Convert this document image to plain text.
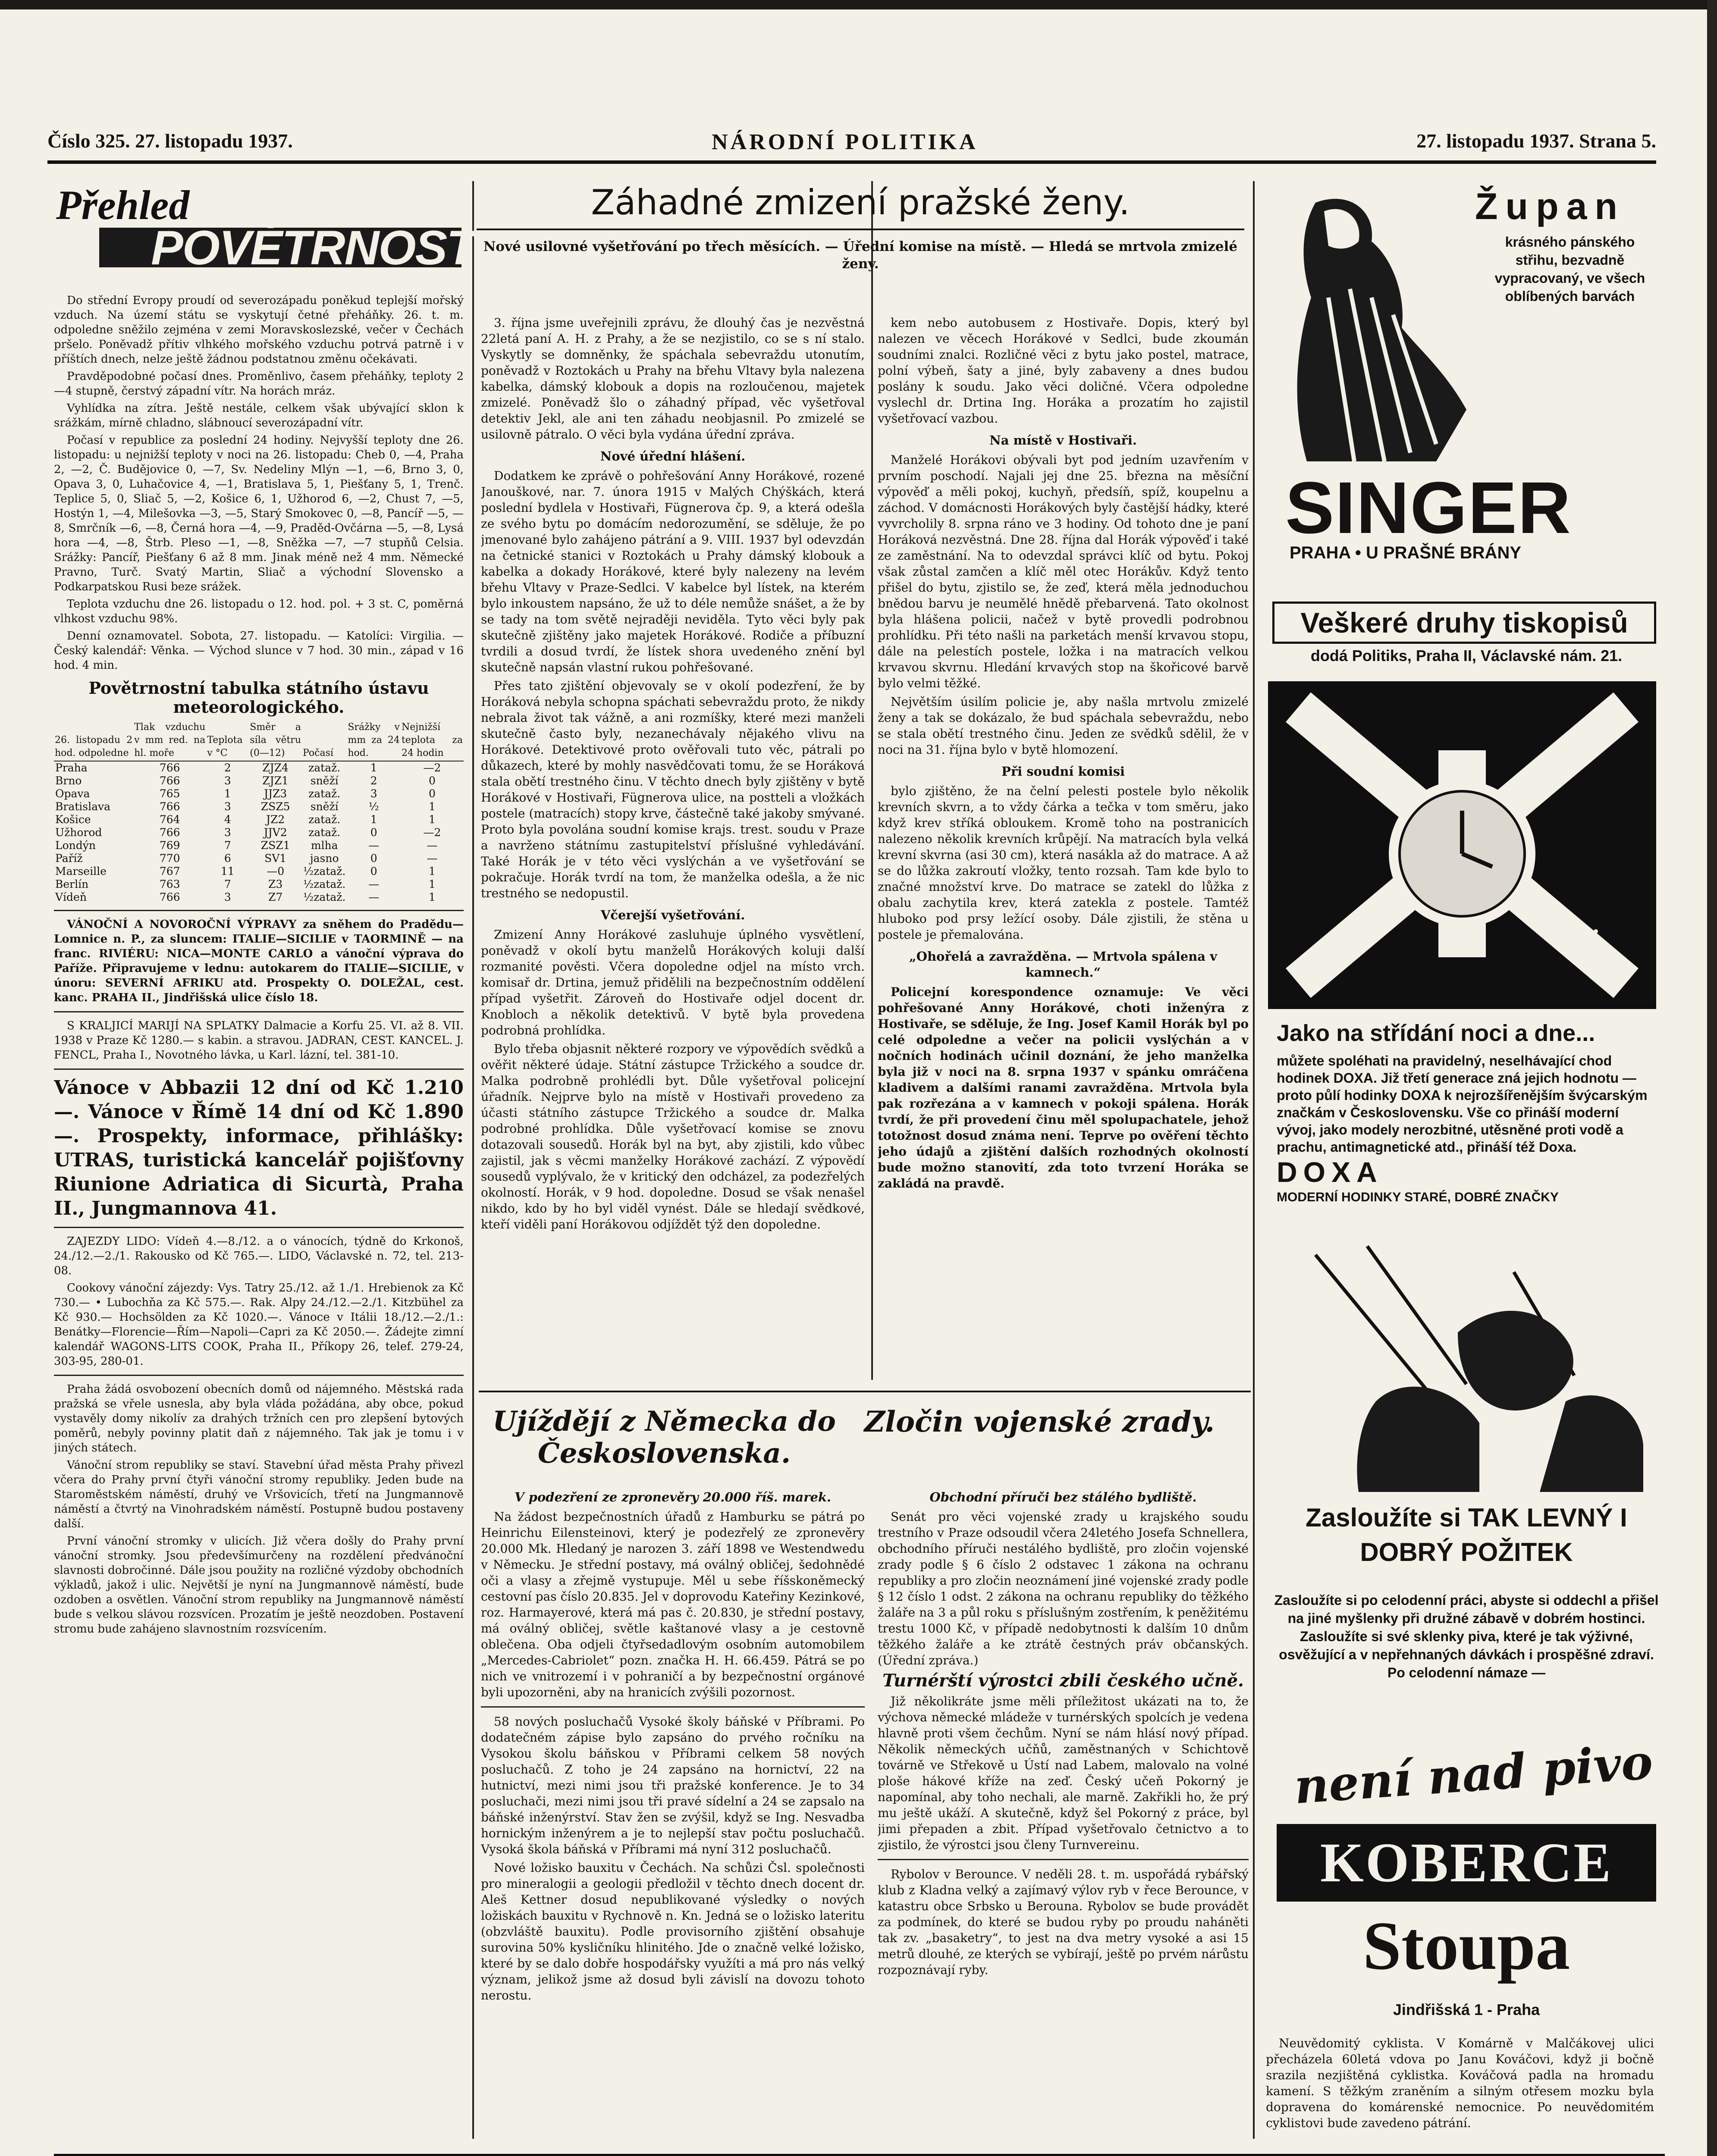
Číslo 325. 27. listopadu 1937.	NÁRODNÍ POLITIKA	27. listopadu 1937. Strana 5.
Přehled
POVĚTRNOSTI

Do střední Evropy proudí od severozápadu poněkud teplejší mořský vzduch. Na území státu se vyskytují četné přeháňky. 26. t. m. odpoledne sněžilo zejména v zemi Moravskoslezské, večer v Čechách pršelo. Poněvadž přítiv vlhkého mořského vzduchu potrvá patrně i v příštích dnech, nelze ještě žádnou podstatnou změnu očekávati.

Pravděpodobné počasí dnes. Proměnlivo, časem přeháňky, teploty 2—4 stupně, čerstvý západní vítr. Na horách mráz.

Vyhlídka na zítra. Ještě nestále, celkem však ubývající sklon k srážkám, mírně chladno, slábnoucí severozápadní vítr.

Počasí v republice za poslední 24 hodiny. Nejvyšší teploty dne 26. listopadu: u nejnižší teploty v noci na 26. listopadu: Cheb 0, —4, Praha 2, —2, Č. Budějovice 0, —7, Sv. Nedeliny Mlýn —1, —6, Brno 3, 0, Opava 3, 0, Luhačovice 4, —1, Bratislava 5, 1, Piešťany 5, 1, Trenč. Teplice 5, 0, Sliač 5, —2, Košice 6, 1, Užhorod 6, —2, Chust 7, —5, Hostýn 1, —4, Milešovka —3, —5, Starý Smokovec 0, —8, Pancíř —5, —8, Smrčník —6, —8, Černá hora —4, —9, Praděd-Ovčárna —5, —8, Lysá hora —4, —8, Štrb. Pleso —1, —8, Sněžka —7, —7 stupňů Celsia. Srážky: Pancíř, Piešťany 6 až 8 mm. Jinak méně než 4 mm. Německé Pravno, Turč. Svatý Martin, Sliač a východní Slovensko a Podkarpatskou Rusi beze srážek.

Teplota vzduchu dne 26. listopadu o 12. hod. pol. + 3 st. C, poměrná vlhkost vzduchu 98%.

Denní oznamovatel. Sobota, 27. listopadu. — Katolíci: Virgilia. — Český kalendář: Věnka. — Východ slunce v 7 hod. 30 min., západ v 16 hod. 4 min.

Povětrnostní tabulka státního ústavu meteorologického.

26. listopadu 2 hod. odpoledne	Tlak vzduchu v mm red. na hl. moře	Teplota v °C	Směr a síla větru (0—12)	Počasí	Srážky v mm za 24 hod.	Nejnižší teplota za 24 hodin
Praha	766	2	ZJZ4	zataž.	1	—2
Brno	766	3	ZJZ1	sněží	2	0
Opava	765	1	JJZ3	zataž.	3	0
Bratislava	766	3	ZSZ5	sněží	½	1
Košice	764	4	JZ2	zataž.	1	1
Užhorod	766	3	JJV2	zataž.	0	—2
Londýn	769	7	ZSZ1	mlha	—	—
Paříž	770	6	SV1	jasno	0	—
Marseille	767	11	—0	½zataž.	0	1
Berlín	763	7	Z3	½zataž.	—	1
Vídeň	766	3	Z7	½zataž.	—	1

VÁNOČNÍ A NOVOROČNÍ VÝPRAVY za sněhem do Pradědu—Lomnice n. P., za sluncem: ITALIE—SICILIE v TAORMINĚ — na franc. RIVIÉRU: NICA—MONTE CARLO a vánoční výprava do Paříže. Připravujeme v lednu: autokarem do ITALIE—SICILIE, v únoru: SEVERNÍ AFRIKU atd. Prospekty O. DOLEŽAL, cest. kanc. PRAHA II., Jindřišská ulice číslo 18.

S KRALJICÍ MARIJÍ NA SPLATKY Dalmacie a Korfu 25. VI. až 8. VII. 1938 v Praze Kč 1280.— s kabin. a stravou. JADRAN, CEST. KANCEL. J. FENCL, Praha I., Novotného lávka, u Karl. lázní, tel. 381-10.

Vánoce v Abbazii 12 dní od Kč 1.210—. Vánoce v Římě 14 dní od Kč 1.890—. Prospekty, informace, přihlášky: UTRAS, turistická kancelář pojišťovny Riunione Adriatica di Sicurtà, Praha II., Jungmannova 41.

ZAJEZDY LIDO: Vídeň 4.—8./12. a o vánocích, týdně do Krkonoš, 24./12.—2./1. Rakousko od Kč 765.—. LIDO, Václavské n. 72, tel. 213-08.

Cookovy vánoční zájezdy: Vys. Tatry 25./12. až 1./1. Hrebienok za Kč 730.— • Lubochňa za Kč 575.—. Rak. Alpy 24./12.—2./1. Kitzbühel za Kč 930.— Hochsölden za Kč 1020.—. Vánoce v Itálii 18./12.—2./1.: Benátky—Florencie—Řím—Napoli—Capri za Kč 2050.—. Žádejte zimní kalendář WAGONS-LITS COOK, Praha II., Příkopy 26, telef. 279-24, 303-95, 280-01.

Praha žádá osvobození obecních domů od nájemného. Městská rada pražská se vřele usnesla, aby byla vláda požádána, aby obce, pokud vystavěly domy nikolív za drahých tržních cen pro zlepšení bytových poměrů, nebyly povinny platit daň z nájemného. Tak jak je tomu i v jiných státech.

Vánoční strom republiky se staví. Stavební úřad města Prahy přivezl včera do Prahy první čtyři vánoční stromy republiky. Jeden bude na Staroměstském náměstí, druhý ve Vršovicích, třetí na Jungmannově náměstí a čtvrtý na Vinohradském náměstí. Postupně budou postaveny další.

První vánoční stromky v ulicích. Již včera došly do Prahy první vánoční stromky. Jsou předevšímurčeny na rozdělení předvánoční slavnosti dobročinné. Dále jsou použity na rozličné výzdoby obchodních výkladů, jakož i ulic. Největší je nyní na Jungmannově náměstí, bude ozdoben a osvětlen. Vánoční strom republiky na Jungmannově náměstí bude s velkou slávou rozsvícen. Prozatím je ještě neozdoben. Postavení stromu bude zahájeno slavnostním rozsvícením.

Záhadné zmizení pražské ženy.
Nové usilovné vyšetřování po třech měsících. — Úřední komise na místě. — Hledá se mrtvola zmizelé ženy.

3. října jsme uveřejnili zprávu, že dlouhý čas je nezvěstná 22letá paní A. H. z Prahy, a že se nezjistilo, co se s ní stalo. Vyskytly se domněnky, že spáchala sebevraždu utonutím, poněvadž v Roztokách u Prahy na břehu Vltavy byla nalezena kabelka, dámský klobouk a dopis na rozloučenou, majetek zmizelé. Poněvadž šlo o záhadný případ, věc vyšetřoval detektiv Jekl, ale ani ten záhadu neobjasnil. Po zmizelé se usilovně pátralo. O věci byla vydána úřední zpráva.

Nové úřední hlášení.

Dodatkem ke zprávě o pohřešování Anny Horákové, rozené Janouškové, nar. 7. února 1915 v Malých Chýškách, která poslední bydlela v Hostivaři, Fügnerova čp. 9, a která odešla ze svého bytu po domácím nedorozumění, se sděluje, že po jmenované bylo zahájeno pátrání a 9. VIII. 1937 byl odevzdán na četnické stanici v Roztokách u Prahy dámský klobouk a kabelka a dokady Horákové, které byly nalezeny na levém břehu Vltavy v Praze-Sedlci. V kabelce byl lístek, na kterém bylo inkoustem napsáno, že už to déle nemůže snášet, a že by se tady na tom světě nejraději neviděla. Tyto věci byly pak skutečně zjištěny jako majetek Horákové. Rodiče a příbuzní tvrdili a dosud tvrdí, že lístek shora uvedeného znění byl skutečně napsán vlastní rukou pohřešované.

Přes tato zjištění objevovaly se v okolí podezření, že by Horáková nebyla schopna spáchati sebevraždu proto, že nikdy nebrala život tak vážně, a ani rozmíšky, které mezi manželi skutečně často byly, nezanechávaly nějakého vlivu na Horákové. Detektivové proto ověřovali tuto věc, pátrali po důkazech, které by mohly nasvědčovati tomu, že se Horáková stala obětí trestného činu. V těchto dnech byly zjištěny v bytě Horákové v Hostivaři, Fügnerova ulice, na postteli a vložkách postele (matracích) stopy krve, částečně také jakoby smývané. Proto byla povolána soudní komise krajs. trest. soudu v Praze a navrženo státnímu zastupitelství příslušné vyhledávání. Také Horák je v této věci vyslýchán a ve vyšetřování se pokračuje. Horák tvrdí na tom, že manželka odešla, a že nic trestného se nedopustil.

Včerejší vyšetřování.

Zmizení Anny Horákové zasluhuje úplného vysvětlení, poněvadž v okolí bytu manželů Horákových koluji další rozmanité pověsti. Včera dopoledne odjel na místo vrch. komisař dr. Drtina, jemuž přidělili na bezpečnostním oddělení případ vyšetřit. Zároveň do Hostivaře odjel docent dr. Knobloch a několik detektivů. V bytě byla provedena podrobná prohlídka.

Bylo třeba objasnit některé rozpory ve výpovědích svědků a ověřit některé údaje. Státní zástupce Tržického a soudce dr. Malka podrobně prohlédli byt. Důle vyšetřoval policejní úřadník. Nejprve bylo na místě v Hostivaři provedeno za účasti státního zástupce Tržického a soudce dr. Malka podrobné prohlídka. Důle vyšetřovací komise se znovu dotazovali sousedů. Horák byl na byt, aby zjistili, kdo vůbec zajistil, jak s věcmi manželky Horákové zachází. Z výpovědí sousedů vyplývalo, že v kritický den odcházel, za podezřelých okolností. Horák, v 9 hod. dopoledne. Dosud se však nenašel nikdo, kdo by ho byl viděl vynést. Dále se hledají svědkové, kteří viděli paní Horákovou odjíždět týž den dopoledne.

kem nebo autobusem z Hostivaře. Dopis, který byl nalezen ve věcech Horákové v Sedlci, bude zkoumán soudními znalci. Rozličné věci z bytu jako postel, matrace, polní výbeň, šaty a jiné, byly zabaveny a dnes budou poslány k soudu. Jako věci doličné. Včera odpoledne vyslechl dr. Drtina Ing. Horáka a prozatím ho zajistil vyšetřovací vazbou.

Na místě v Hostivaři.

Manželé Horákovi obývali byt pod jedním uzavřením v prvním poschodí. Najali jej dne 25. března na měsíční výpověď a měli pokoj, kuchyň, předsíň, spíž, koupelnu a záchod. V domácnosti Horákových byly častější hádky, které vyvrcholily 8. srpna ráno ve 3 hodiny. Od tohoto dne je paní Horáková nezvěstná. Dne 28. října dal Horák výpověď i také ze zaměstnání. Na to odevzdal správci klíč od bytu. Pokoj však zůstal zamčen a klíč měl otec Horákův. Když tento přišel do bytu, zjistilo se, že zeď, která měla jednoduchou bnědou barvu je neumělé hnědě přebarvená. Tato okolnost byla hlášena policii, načež v bytě provedli podrobnou prohlídku. Při této našli na parketách menší krvavou stopu, dále na pelestích postele, ložka i na matracích velkou krvavou skvrnu. Hledání krvavých stop na škořicové barvě bylo velmi těžké.

Největším úsilím policie je, aby našla mrtvolu zmizelé ženy a tak se dokázalo, že bud spáchala sebevraždu, nebo se stala obětí trestného činu. Jeden ze svědků sdělil, že v noci na 31. října bylo v bytě hlomození.

Při soudní komisi

bylo zjištěno, že na čelní pelesti postele bylo několik krevních skvrn, a to vždy čárka a tečka v tom směru, jako když krev stříká obloukem. Kromě toho na postranicích nalezeno několik krevních krůpějí. Na matracích byla velká krevní skvrna (asi 30 cm), která nasákla až do matrace. A až se do lůžka zakroutí vložky, tento rozsah. Tam kde bylo to značné množství krve. Do matrace se zatekl do lůžka z obalu zachytila krev, která zatekla z postele. Tamtéž hluboko pod prsy ležící osoby. Dále zjistili, že stěna u postele je přemalována.

„Ohořelá a zavražděna. — Mrtvola spálena v kamnech.“

Policejní korespondence oznamuje: Ve věci pohřešované Anny Horákové, choti inženýra z Hostivaře, se sděluje, že Ing. Josef Kamil Horák byl po celé odpoledne a večer na policii vyslýchán a v nočních hodinách učinil doznání, že jeho manželka byla již v noci na 8. srpna 1937 v spánku omráčena kladivem a dalšími ranami zavražděna. Mrtvola byla pak rozřezána a v kamnech v pokoji spálena. Horák tvrdí, že při provedení činu měl spolupachatele, jehož totožnost dosud známa není. Teprve po ověření těchto jeho údajů a zjištění dalších rozhodných okolností bude možno stanovití, zda toto tvrzení Horáka se zakládá na pravdě.

Ujíždějí z Německa do Československa.
Zločin vojenské zrady.

V podezření ze zpronevěry 20.000 říš. marek.

Na žádost bezpečnostních úřadů z Hamburku se pátrá po Heinrichu Eilensteinovi, který je podezřelý ze zpronevěry 20.000 Mk. Hledaný je narozen 3. září 1898 ve Westendwedu v Německu. Je střední postavy, má oválný obličej, šedohnědé oči a vlasy a zřejmě vystupuje. Měl u sebe říšskoněmecký cestovní pas číslo 20.835. Jel v doprovodu Kateřiny Kezinkové, roz. Harmayerové, která má pas č. 20.830, je střední postavy, má oválný obličej, světle kaštanové vlasy a je cestovně oblečena. Oba odjeli čtyřsedadlovým osobním automobilem „Mercedes-Cabriolet“ pozn. značka H. H. 66.459. Pátrá se po nich ve vnitrozemí i v pohraničí a by bezpečnostní orgánové byli upozorněni, aby na hranicích zvýšili pozornost.

58 nových posluchačů Vysoké školy báňské v Příbrami. Po dodatečném zápise bylo zapsáno do prvého ročníku na Vysokou školu báňskou v Příbrami celkem 58 nových posluchačů. Z toho je 24 zapsáno na hornictví, 22 na hutnictví, mezi nimi jsou tři pražské konference. Je to 34 posluchači, mezi nimi jsou tři pravé sídelní a 24 se zapsalo na báňské inženýrství. Stav žen se zvýšil, když se Ing. Nesvadba hornickým inženýrem a je to nejlepší stav počtu posluchačů. Vysoká škola báňská v Příbrami má nyní 312 posluchačů.

Nové ložisko bauxitu v Čechách. Na schůzi Čsl. společnosti pro mineralogii a geologii předložil v těchto dnech docent dr. Aleš Kettner dosud nepublikované výsledky o nových ložiskách bauxitu v Rychnově n. Kn. Jedná se o ložisko lateritu (obzvláště bauxitu). Podle provisorního zjištění obsahuje surovina 50% kysličníku hlinitého. Jde o značně velké ložisko, které by se dalo dobře hospodářsky využíti a má pro nás velký význam, jelikož jsme až dosud byli závislí na dovozu tohoto nerostu.

Obchodní příruči bez stálého bydliště.

Senát pro věci vojenské zrady u krajského soudu trestního v Praze odsoudil včera 24letého Josefa Schnellera, obchodního příruči nestálého bydliště, pro zločin vojenské zrady podle § 6 číslo 2 odstavec 1 zákona na ochranu republiky a pro zločin neoznámení jiné vojenské zrady podle § 12 číslo 1 odst. 2 zákona na ochranu republiky do těžkého žaláře na 3 a půl roku s příslušným zostřením, k peněžitému trestu 1000 Kč, v případě nedobytnosti k dalším 10 dnům těžkého žaláře a ke ztrátě čestných práv občanských. (Úřední zpráva.)

Turnérští výrostci zbili českého učně.

Již několikráte jsme měli příležitost ukázati na to, že výchova německé mládeže v turnérských spolcích je vedena hlavně proti všem čechům. Nyní se nám hlásí nový případ. Několik německých učňů, zaměstnaných v Schichtově továrně ve Střekově u Ústí nad Labem, malovalo na volné ploše hákové kříže na zeď. Český učeň Pokorný je napomínal, aby toho nechali, ale marně. Zakřikli ho, že prý mu ještě ukáží. A skutečně, když šel Pokorný z práce, byl jimi přepaden a zbit. Případ vyšetřovalo četnictvo a to zjistilo, že výrostci jsou členy Turnvereinu.

Rybolov v Berounce. V neděli 28. t. m. uspořádá rybářský klub z Kladna velký a zajímavý výlov ryb v řece Berounce, v katastru obce Srbsko u Berouna. Rybolov se bude provádět za podmínek, do které se budou ryby po proudu naháněti tak zv. „basaketry“, to jest na dva metry vysoké a asi 15 metrů dlouhé, ze kterých se vybírají, ještě po prvém nárůstu rozpoznávají ryby.

Neuvědomitý cyklista. V Komárně v Malčákovej ulici přecházela 60letá vdova po Janu Kováčovi, když ji bočně srazila nezjištěná cyklistka. Kováčová padla na hromadu kamení. S těžkým zraněním a silným otřesem mozku byla dopravena do komárenské nemocnice. Po neuvědomitém cyklistovi bude zavedeno pátrání.

Župan
krásného pánského střihu, bezvadně vypracovaný, ve všech oblíbených barvách
SINGER
PRAHA • U PRAŠNÉ BRÁNY
Veškeré druhy tiskopisů
dodá Politiks, Praha II, Václavské nám. 21.
Jako na střídání noci a dne...
můžete spoléhati na pravidelný, neselhávající chod hodinek DOXA. Již třetí generace zná jejich hodnotu — proto půlí hodinky DOXA k nejrozšířenějším švýcarským značkám v Československu. Vše co přináší moderní vývoj, jako modely nerozbitné, utěsněné proti vodě a prachu, antimagnetické atd., přináší též Doxa.
DOXA
MODERNÍ HODINKY STARÉ, DOBRÉ ZNAČKY
Zasloužíte si TAK LEVNÝ I DOBRÝ POŽITEK
Zasloužíte si po celodenní práci, abyste si oddechl a přišel na jiné myšlenky při družné zábavě v dobrém hostinci. Zasloužíte si své sklenky piva, které je tak výživné, osvěžující a v nepřehnaných dávkách i prospěšné zdraví. Po celodenní námaze —
není nad pivo
KOBERCE
Stoupa
Jindřišská 1 - Praha
